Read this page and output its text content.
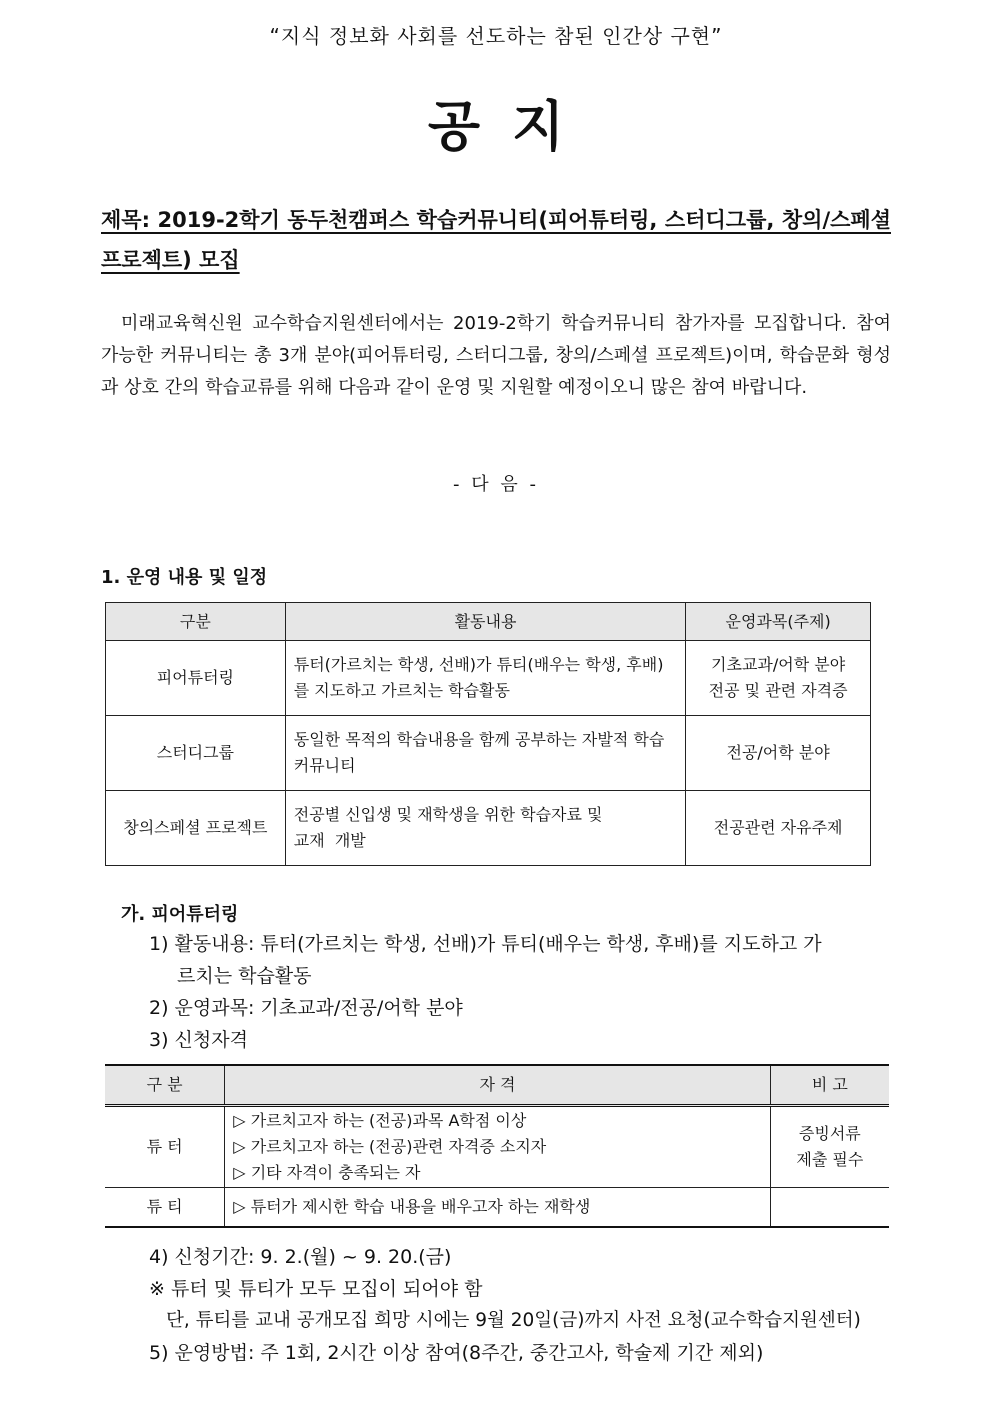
“지식 정보화 사회를 선도하는 참된 인간상 구현”
공지
제목: 2019-2학기 동두천캠퍼스 학습커뮤니티(피어튜터링, 스터디그룹, 창의/스페셜 프로젝트) 모집
미래교육혁신원 교수학습지원센터에서는 2019-2학기 학습커뮤니티 참가자를 모집합니다. 참여 가능한 커뮤니티는 총 3개 분야(피어튜터링, 스터디그룹, 창의/스페셜 프로젝트)이며, 학습문화 형성과 상호 간의 학습교류를 위해 다음과 같이 운영 및 지원할 예정이오니 많은 참여 바랍니다.
- 다 음 -
1. 운영 내용 및 일정
구분	활동내용	운영과목(주제)
피어튜터링	튜터(가르치는 학생, 선배)가 튜티(배우는 학생, 후배)를 지도하고 가르치는 학습활동	기초교과/어학 분야
전공 및 관련 자격증
스터디그룹	동일한 목적의 학습내용을 함께 공부하는 자발적 학습 커뮤니티	전공/어학 분야
창의스페셜 프로젝트	전공별 신입생 및 재학생을 위한 학습자료 및
교재  개발	전공관련 자유주제
가. 피어튜터링
1) 활동내용: 튜터(가르치는 학생, 선배)가 튜티(배우는 학생, 후배)를 지도하고 가
르치는 학습활동
2) 운영과목: 기초교과/전공/어학 분야
3) 신청자격
구 분	자 격	비 고
튜 터	▷ 가르치고자 하는 (전공)과목 A학점 이상
▷ 가르치고자 하는 (전공)관련 자격증 소지자
▷ 기타 자격이 충족되는 자	증빙서류
제출 필수
튜 티	▷ 튜터가 제시한 학습 내용을 배우고자 하는 재학생	
4) 신청기간: 9. 2.(월) ~ 9. 20.(금)
※ 튜터 및 튜티가 모두 모집이 되어야 함
단, 튜티를 교내 공개모집 희망 시에는 9월 20일(금)까지 사전 요청(교수학습지원센터)
5) 운영방법: 주 1회, 2시간 이상 참여(8주간, 중간고사, 학술제 기간 제외)
